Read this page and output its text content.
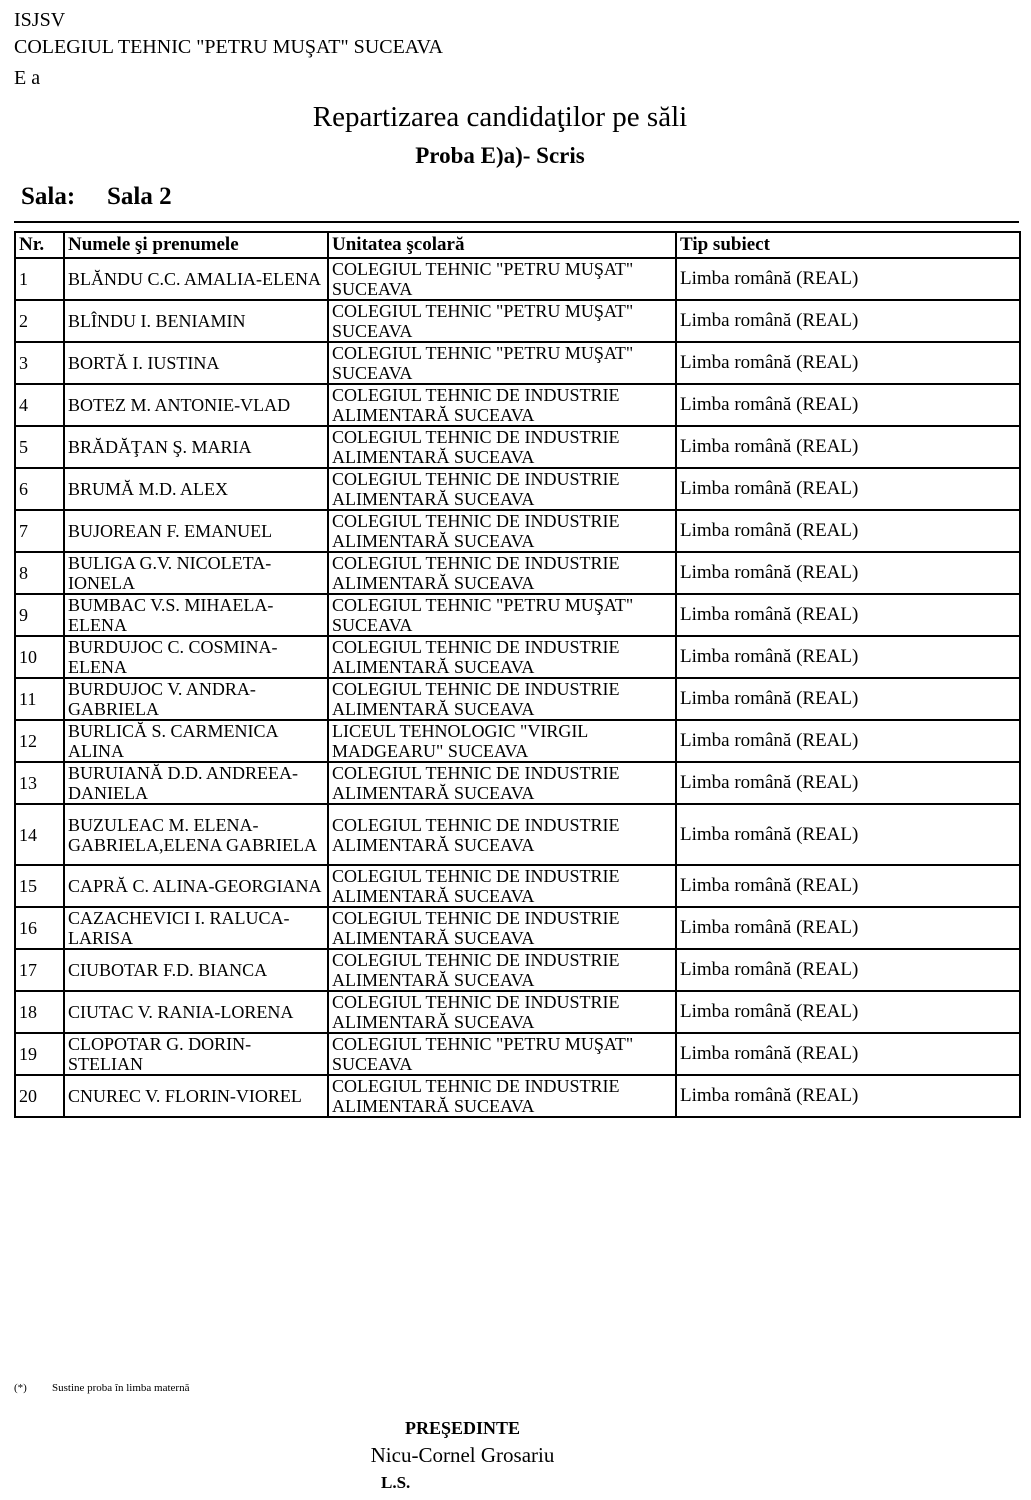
ISJSV
COLEGIUL TEHNIC "PETRU MUŞAT" SUCEAVA
E a
Repartizarea candidaţilor pe săli
Proba E)a)- Scris
Sala: Sala 2
Nr.	Numele şi prenumele	Unitatea şcolară	Tip subiect
1	BLĂNDU C.C. AMALIA-ELENA	COLEGIUL TEHNIC "PETRU MUŞAT" SUCEAVA	Limba română (REAL)
2	BLÎNDU I. BENIAMIN	COLEGIUL TEHNIC "PETRU MUŞAT" SUCEAVA	Limba română (REAL)
3	BORTĂ I. IUSTINA	COLEGIUL TEHNIC "PETRU MUŞAT" SUCEAVA	Limba română (REAL)
4	BOTEZ M. ANTONIE-VLAD	COLEGIUL TEHNIC DE INDUSTRIE ALIMENTARĂ SUCEAVA	Limba română (REAL)
5	BRĂDĂŢAN Ş. MARIA	COLEGIUL TEHNIC DE INDUSTRIE ALIMENTARĂ SUCEAVA	Limba română (REAL)
6	BRUMĂ M.D. ALEX	COLEGIUL TEHNIC DE INDUSTRIE ALIMENTARĂ SUCEAVA	Limba română (REAL)
7	BUJOREAN F. EMANUEL	COLEGIUL TEHNIC DE INDUSTRIE ALIMENTARĂ SUCEAVA	Limba română (REAL)
8	BULIGA G.V. NICOLETA-IONELA	COLEGIUL TEHNIC DE INDUSTRIE ALIMENTARĂ SUCEAVA	Limba română (REAL)
9	BUMBAC V.S. MIHAELA-ELENA	COLEGIUL TEHNIC "PETRU MUŞAT" SUCEAVA	Limba română (REAL)
10	BURDUJOC C. COSMINA-ELENA	COLEGIUL TEHNIC DE INDUSTRIE ALIMENTARĂ SUCEAVA	Limba română (REAL)
11	BURDUJOC V. ANDRA-GABRIELA	COLEGIUL TEHNIC DE INDUSTRIE ALIMENTARĂ SUCEAVA	Limba română (REAL)
12	BURLICĂ S. CARMENICA ALINA	LICEUL TEHNOLOGIC "VIRGIL MADGEARU" SUCEAVA	Limba română (REAL)
13	BURUIANĂ D.D. ANDREEA-DANIELA	COLEGIUL TEHNIC DE INDUSTRIE ALIMENTARĂ SUCEAVA	Limba română (REAL)
14	BUZULEAC M. ELENA-GABRIELA,ELENA GABRIELA	COLEGIUL TEHNIC DE INDUSTRIE ALIMENTARĂ SUCEAVA	Limba română (REAL)
15	CAPRĂ C. ALINA-GEORGIANA	COLEGIUL TEHNIC DE INDUSTRIE ALIMENTARĂ SUCEAVA	Limba română (REAL)
16	CAZACHEVICI I. RALUCA-LARISA	COLEGIUL TEHNIC DE INDUSTRIE ALIMENTARĂ SUCEAVA	Limba română (REAL)
17	CIUBOTAR F.D. BIANCA	COLEGIUL TEHNIC DE INDUSTRIE ALIMENTARĂ SUCEAVA	Limba română (REAL)
18	CIUTAC V. RANIA-LORENA	COLEGIUL TEHNIC DE INDUSTRIE ALIMENTARĂ SUCEAVA	Limba română (REAL)
19	CLOPOTAR G. DORIN-STELIAN	COLEGIUL TEHNIC "PETRU MUŞAT" SUCEAVA	Limba română (REAL)
20	CNUREC V. FLORIN-VIOREL	COLEGIUL TEHNIC DE INDUSTRIE ALIMENTARĂ SUCEAVA	Limba română (REAL)
(*) Sustine proba în limba maternă
PREŞEDINTE
Nicu-Cornel Grosariu
L.S.
